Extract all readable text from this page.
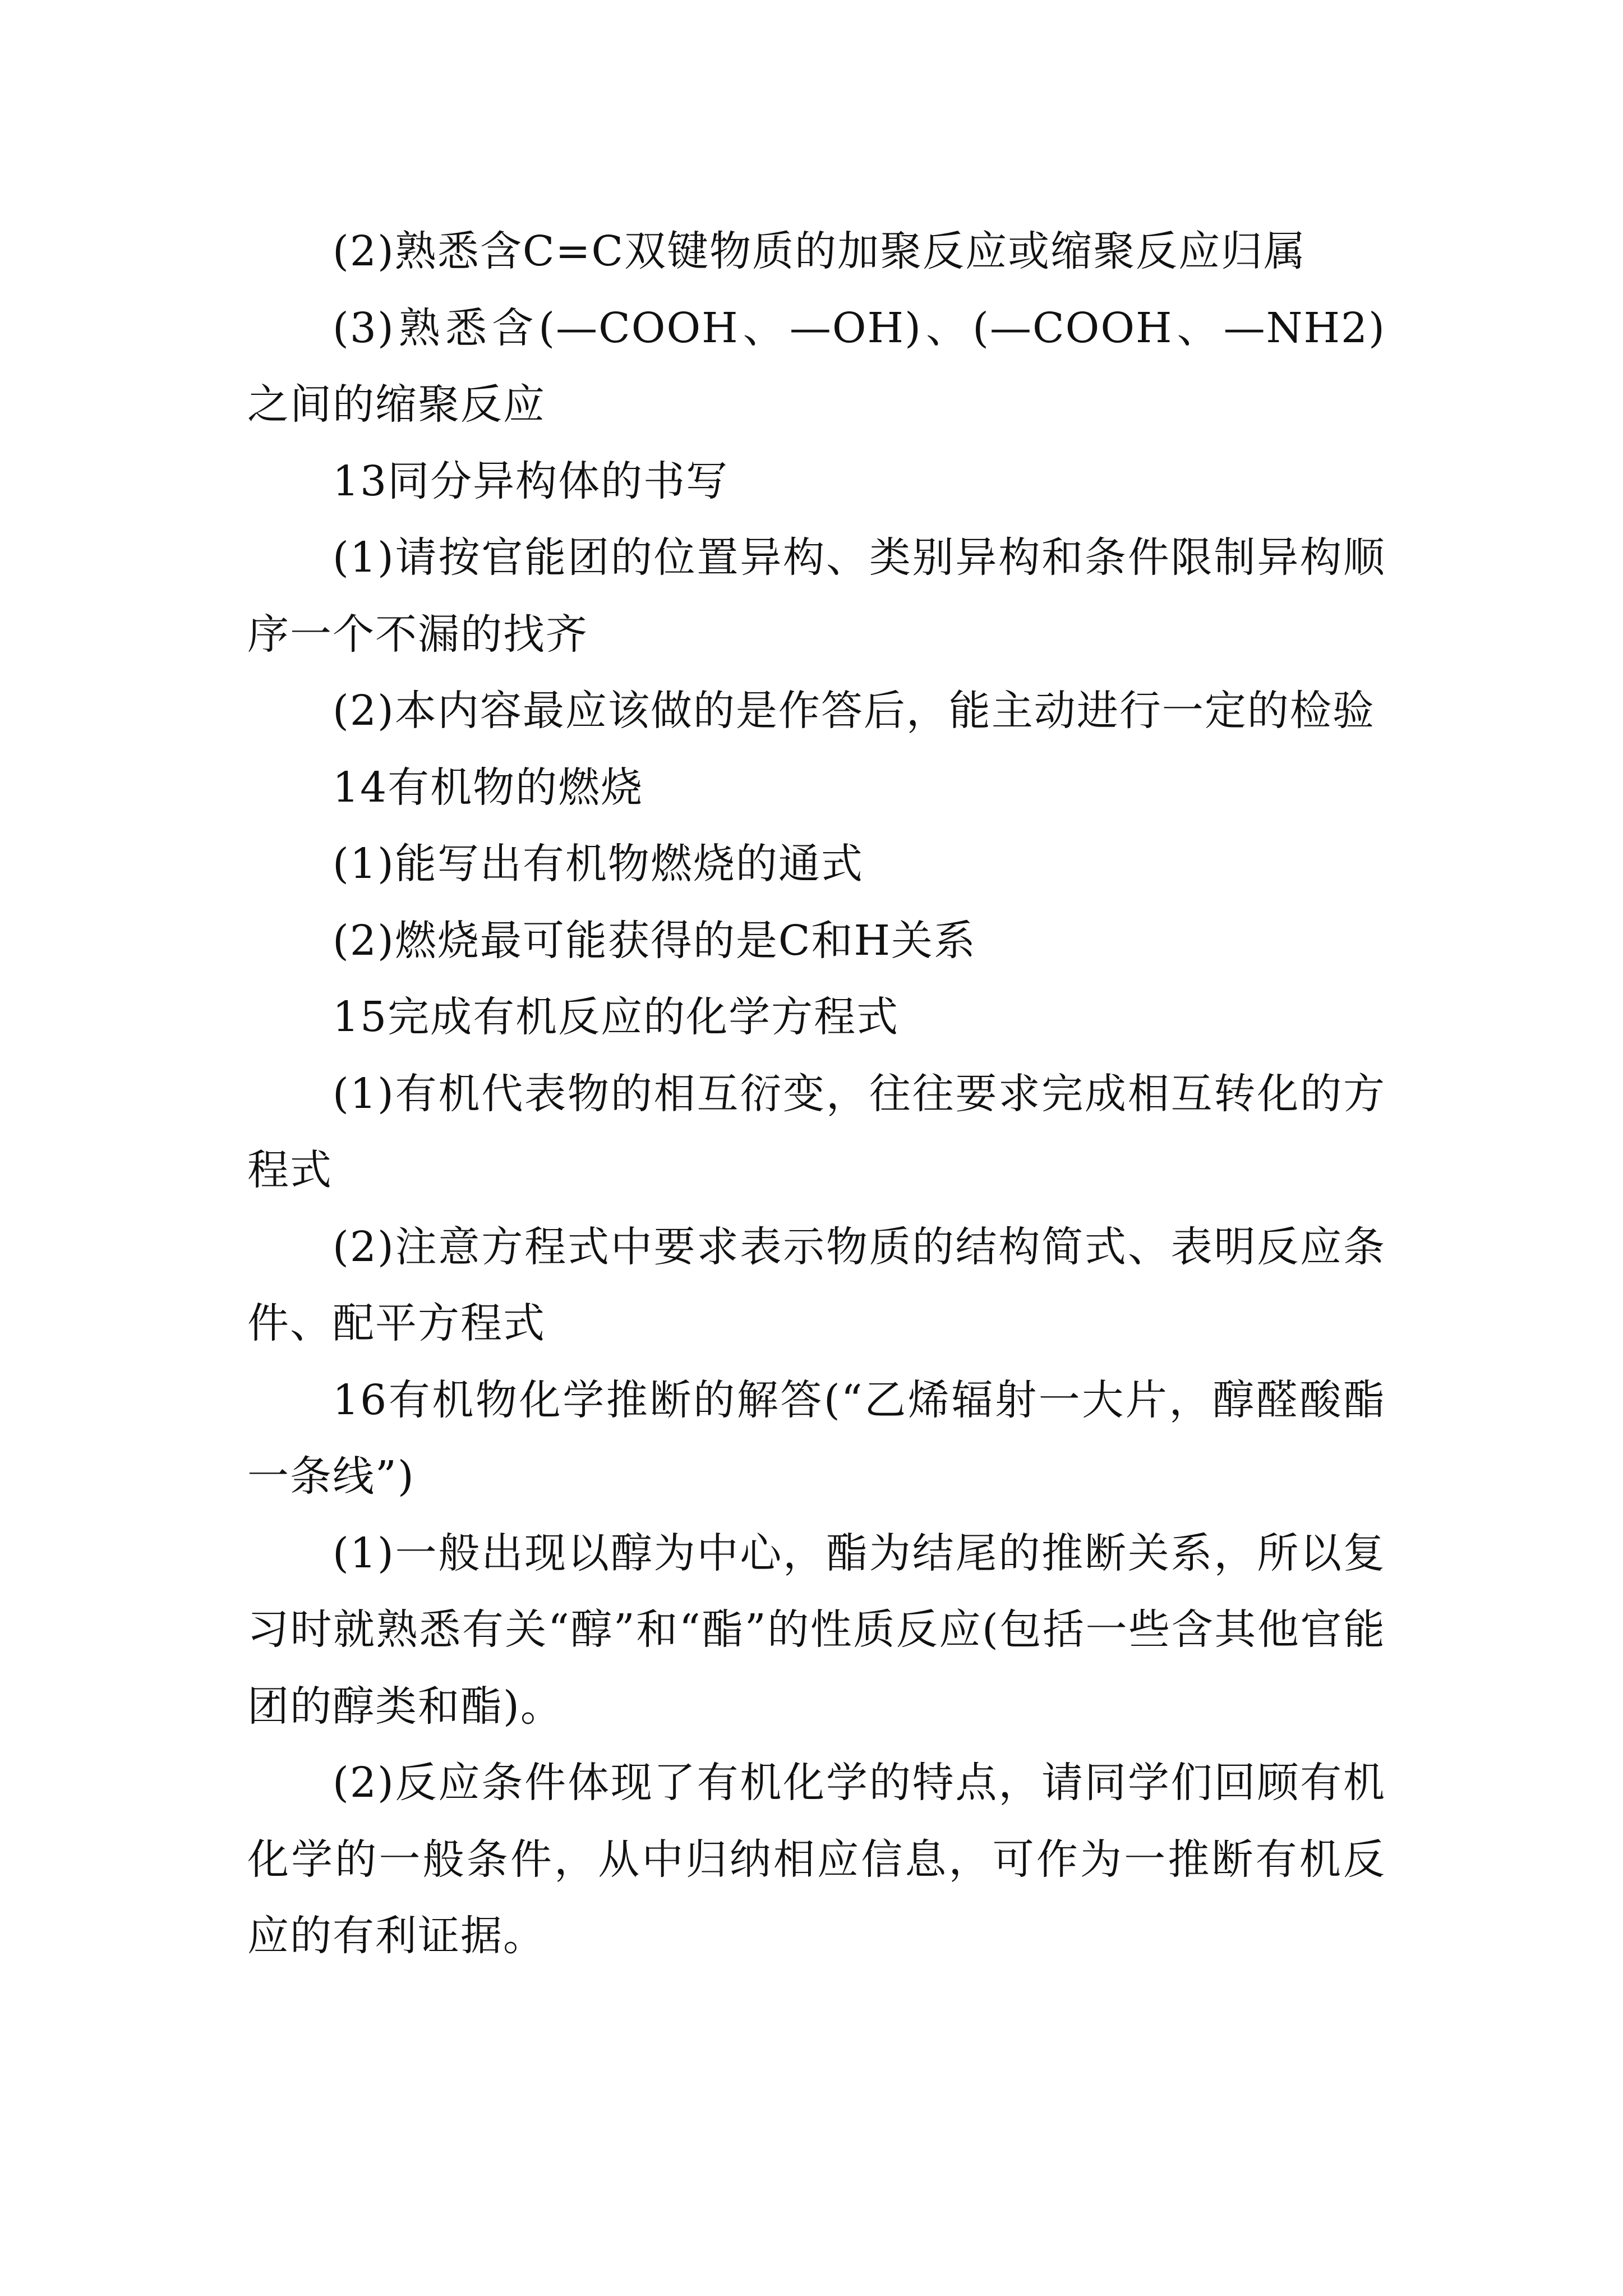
(2)熟悉含C=C双键物质的加聚反应或缩聚反应归属

(3)熟悉含(—COOH、—OH)、(—COOH、—NH2)之间的缩聚反应

13同分异构体的书写

(1)请按官能团的位置异构、类别异构和条件限制异构顺序一个不漏的找齐

(2)本内容最应该做的是作答后，能主动进行一定的检验

14有机物的燃烧

(1)能写出有机物燃烧的通式

(2)燃烧最可能获得的是C和H关系

15完成有机反应的化学方程式

(1)有机代表物的相互衍变，往往要求完成相互转化的方程式

(2)注意方程式中要求表示物质的结构简式、表明反应条件、配平方程式

16有机物化学推断的解答(“乙烯辐射一大片，醇醛酸酯一条线”)

(1)一般出现以醇为中心，酯为结尾的推断关系，所以复习时就熟悉有关“醇”和“酯”的性质反应(包括一些含其他官能团的醇类和酯)。

(2)反应条件体现了有机化学的特点，请同学们回顾有机化学的一般条件，从中归纳相应信息，可作为一推断有机反应的有利证据。
